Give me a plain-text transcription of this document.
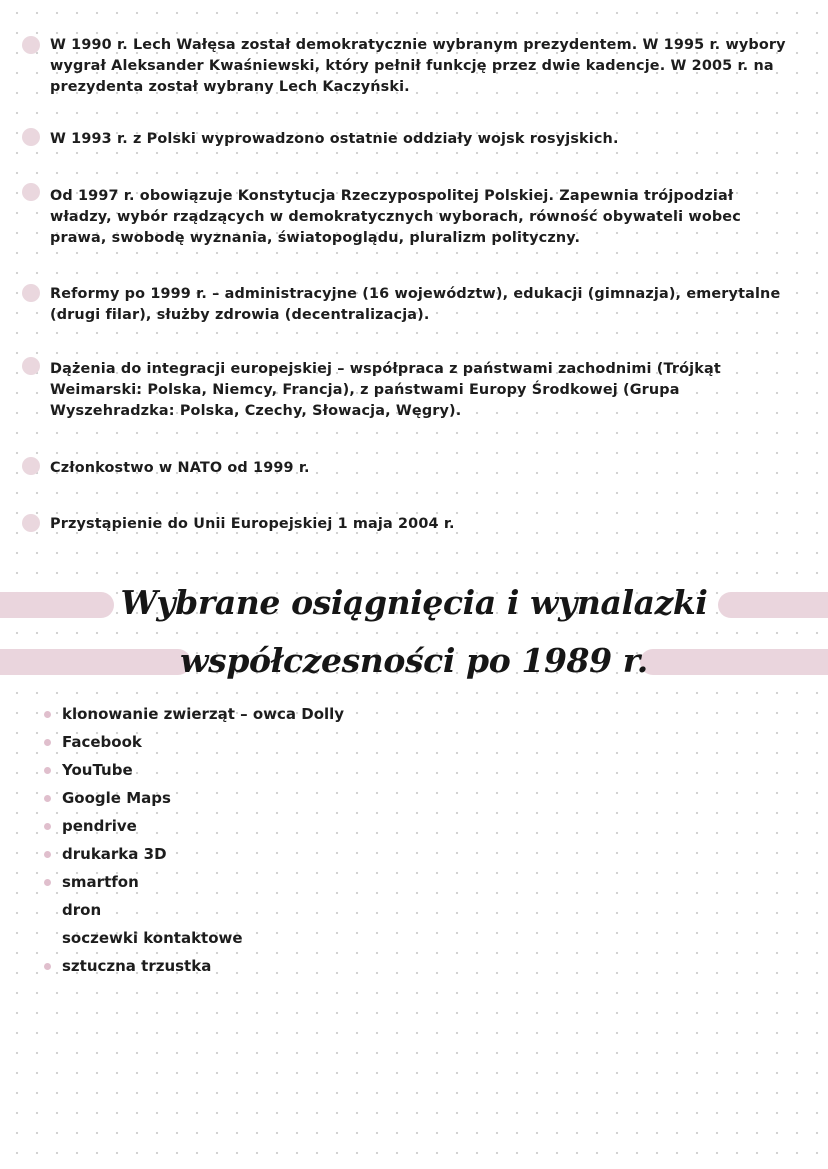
W 1990 r. Lech Wałęsa został demokratycznie wybranym prezydentem. W 1995 r. wybory wygrał Aleksander Kwaśniewski, który pełnił funkcję przez dwie kadencje. W 2005 r. na prezydenta został wybrany Lech Kaczyński.
W 1993 r. z Polski wyprowadzono ostatnie oddziały wojsk rosyjskich.
Od 1997 r. obowiązuje Konstytucja Rzeczypospolitej Polskiej. Zapewnia trójpodział władzy, wybór rządzących w demokratycznych wyborach, równość obywateli wobec prawa, swobodę wyznania, światopoglądu, pluralizm polityczny.
Reformy po 1999 r. – administracyjne (16 województw), edukacji (gimnazja), emerytalne (drugi filar), służby zdrowia (decentralizacja).
Dążenia do integracji europejskiej – współpraca z państwami zachodnimi (Trójkąt Weimarski: Polska, Niemcy, Francja), z państwami Europy Środkowej (Grupa Wyszehradzka: Polska, Czechy, Słowacja, Węgry).
Członkostwo w NATO od 1999 r.
Przystąpienie do Unii Europejskiej 1 maja 2004 r.
Wybrane osiągnięcia i wynalazki
współczesności po 1989 r.
klonowanie zwierząt – owca Dolly
Facebook
YouTube
Google Maps
pendrive
drukarka 3D
smartfon
dron
soczewki kontaktowe
sztuczna trzustka
